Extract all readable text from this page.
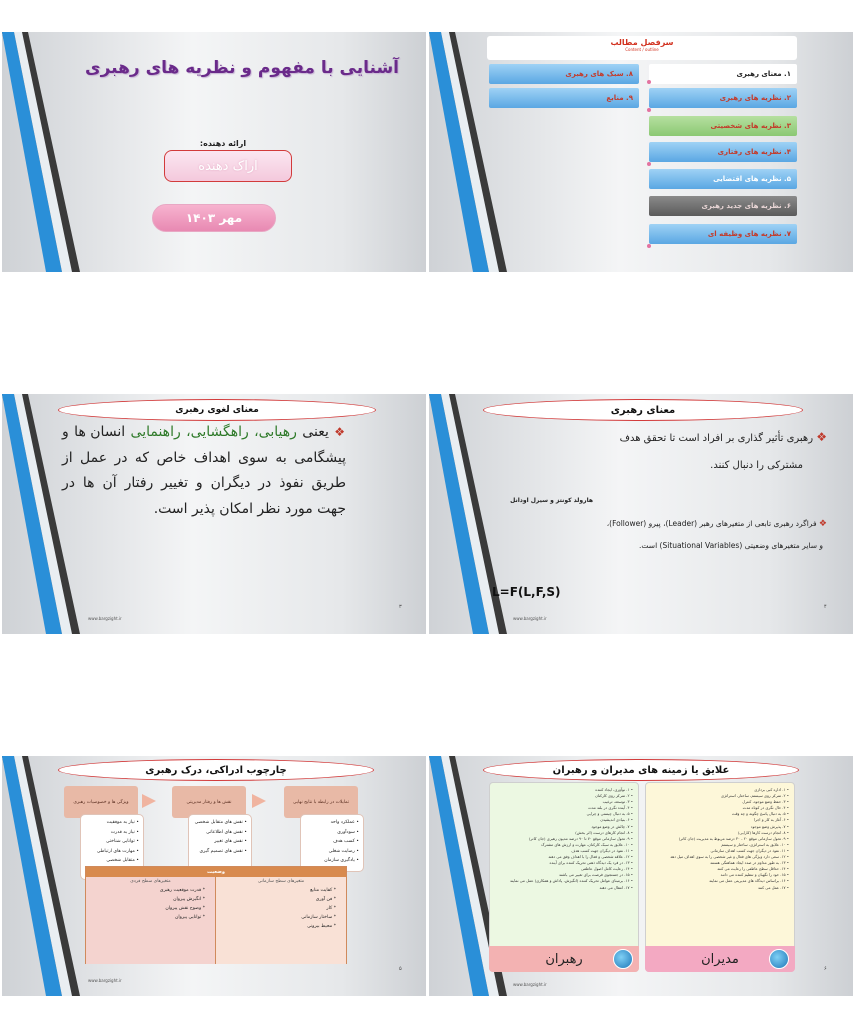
آشنایی با مفهوم و نظریه های رهبری
ارائه دهنده:
اراک دهنده
مهر ۱۴۰۳
سرفصل مطالب
Content / outline
۱. معنای رهبری
۲. نظریه های رهبری
۳. نظریه های شخصیتی
۴. نظریه های رفتاری
۵. نظریه های اقتضایی
۶. نظریه های جدید رهبری
۷. نظریه های وظیفه ای
۸. سبک های رهبری
۹. منابع
معنای لغوی رهبری
❖ یعنی رهیابی، راهگشایی، راهنمایی انسان ها و پیشگامی به سوی اهداف خاص که در عمل از طریق نفوذ در دیگران و تغییر رفتار آن ها در جهت مورد نظر امکان پذیر است.
۳
www.bargzight.ir
معنای رهبری
❖ رهبری تأثیر گذاری بر افراد است تا تحقق هدف
مشترکی را دنبال کنند.
هارولد کونتز و سیرل اودانل
❖ فراگرد رهبری تابعی از متغیرهای رهبر (Leader)، پیرو (Follower)،
و سایر متغیرهای وضعیتی (Situational Variables) است.
L=F(L,F,S)
۴
www.bargzight.ir
چارچوب ادراکی، درک رهبری
ویژگی ها و خصوصیات رهبری	نقش ها و رفتار مدیریتی	تمایلات در رابطه با نتایج نهایی
• نیاز به موفقیت
• نیاز به قدرت
• توانایی شناختی
• مهارت های ارتباطی
• متقابل شخصی
•
• نقش های متقابل شخصی
• نقش های اطلاعاتی
• نقش های تغییر
• نقش های تصمیم گیری
• عملکرد واحد
• سودآوری
• کسب هدف
• رضایت شغلی
• یادگیری سازمان
وضعیت
متغیرهای سطح سازمانی
* کفایت منابع
* فن آوری
* کار
* ساختار سازمانی
* محیط بیرونی
متغیرهای سطح فردی
* قدرت موقعیت رهبری
* انگیزش پیروان
* وضوح نقش پیروان
* توانایی پیروان
۵
www.bargzight.ir
علایق یا زمینه های مدیران و رهبران
• ۱. اداره کبی بردازی
• ۲. تمرکز روی سیستم، ساختار، استراتژی
• ۳. حفظ وضع موجود، کنترل
• ۴. حال نگری در کوتاه مدت
• ۵. به دنبال پاسخ چگونه و چه وقت
• ۶. آغاز به کار و اجرا
• ۷. پذیرش وضع موجود
• ۸. انجام درست کارها (کارایی)
• ۹. تحول سازمانی موقع ۲۰ - ۳۰ درصد مربوط به مدیریت (جان کاتر)
• ۱۰. علایق به استراتژی، ساختار و سیستم
• ۱۱. نفوذ در دیگران جهت کسب اهداف سازمانی
• ۱۲. سعی دارد ویژگی های فعال و غیر شخصی را به سوی اهداف میل دهد
• ۱۳. به طور مداوم در صدد ایجاد هماهنگی هستند
• ۱۴. حداقل سطح عاطفی را رعایت می کنند
• ۱۵. خود را نگهبان و تنظیم کننده می دانند
• ۱۶. براساس دیدگاه های مدیریتی عمل می نمایند
• ۱۷. عمل می کنند
• ۱. نوآوری، ایجاد کننده
• ۲. تمرکز روی کارکنان
• ۳. توسعه، ترغیب
• ۴. آینده نگری در بلند مدت
• ۵. به دنبال چیستی و چرایی
• ۶. بنیادی اندیشیدن
• ۷. چالش در وضع موجود
• ۸. انجام کارهای درست (اثر بخش)
• ۹. تحول سازمانی موقع ۷۰ تا ۹۰ درصد مدیون رهبری (جان کاتر)
• ۱۰. علایق به سبک کارکنان، مهارت و ارزش های مشترک
• ۱۱. نفوذ در دیگران جهت کسب هدف
• ۱۲. علاقه شخصی و فعال را با اهداف وفق می دهند
• ۱۳. در فرد یک دیدگاه ذهنی تحریک کننده برای آینده
• ۱۴. رعایت کامل اصول عاطفی
• ۱۵. در جستجوی فرصت برای تغییر می باشند
• ۱۶. برمبنای عوامل تحریک کننده (انگیزش، پاداش و همکاری) عمل می نمایند
• ۱۷. انتقال می دهند
مدیران
رهبران
۶
www.bargzight.ir
